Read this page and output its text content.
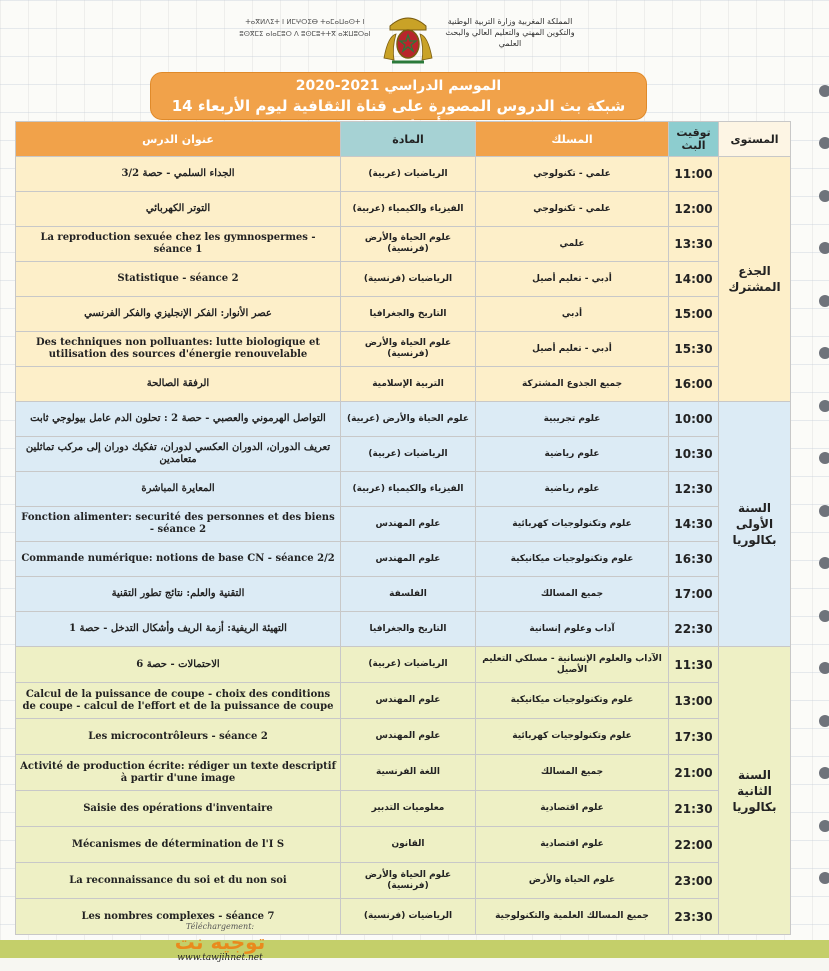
ⵜⴰⴳⵍⴷⵉⵜ ⵏ ⵍⵎⵖⵔⵉⴱ ⵜⴰⵎⴰⵡⴰⵙⵜ ⵏ ⵓⵙⴳⵎⵉ ⴰⵏⴰⵎⵓⵔ ⴷ ⵓⵙⵎⵓⵜⵜⴳ ⴰⵣⵡⵓⵔⴰⵏ
المملكة المغربية وزارة التربية الوطنية والتكوين المهني والتعليم العالي والبحث العلمي
الموسم الدراسي 2021-2020
شبكة بث الدروس المصورة على قناة الثقافية ليوم الأربعاء 14
المستوى	توقيت البث	المسلك	المادة	عنوان الدرس
الجذع المشترك	11:00	علمي - تكنولوجي	الرياضيات (عربية)	الجداء السلمي - حصة 3/2
	12:00	علمي - تكنولوجي	الفيزياء والكيمياء (عربية)	التوتر الكهربائي
	13:30	علمي	علوم الحياة والأرض (فرنسية)	La reproduction sexuée chez les gymnospermes - séance 1
	14:00	أدبي - تعليم أصيل	الرياضيات (فرنسية)	Statistique - séance 2
	15:00	أدبي	التاريخ والجغرافيا	عصر الأنوار: الفكر الإنجليزي والفكر الفرنسي
	15:30	أدبي - تعليم أصيل	علوم الحياة والأرض (فرنسية)	Des techniques non polluantes: lutte biologique et utilisation des sources d'énergie renouvelable
	16:00	جميع الجذوع المشتركة	التربية الإسلامية	الرفقة الصالحة
السنة الأولى بكالوريا	10:00	علوم تجريبية	علوم الحياة والأرض (عربية)	التواصل الهرموني والعصبي - حصة 2 : تحلون الدم عامل بيولوجي ثابت
	10:30	علوم رياضية	الرياضيات (عربية)	تعريف الدوران، الدوران العكسي لدوران، تفكيك دوران إلى مركب تماثلين متعامدين
	12:30	علوم رياضية	الفيزياء والكيمياء (عربية)	المعايرة المباشرة
	14:30	علوم وتكنولوجيات كهربائية	علوم المهندس	Fonction alimenter: securité des personnes et des biens - séance 2
	16:30	علوم وتكنولوجيات ميكانيكية	علوم المهندس	Commande numérique: notions de base CN - séance 2/2
	17:00	جميع المسالك	الفلسفة	التقنية والعلم: نتائج تطور التقنية
	22:30	آداب وعلوم إنسانية	التاريخ والجغرافيا	التهيئة الريفية: أزمة الريف وأشكال التدخل - حصة 1
السنة الثانية بكالوريا	11:30	الآداب والعلوم الإنسانية - مسلكي التعليم الأصيل	الرياضيات (عربية)	الاحتمالات - حصة 6
	13:00	علوم وتكنولوجيات ميكانيكية	علوم المهندس	Calcul de la puissance de coupe - choix des conditions de coupe - calcul de l'effort et de la puissance de coupe
	17:30	علوم وتكنولوجيات كهربائية	علوم المهندس	Les microcontrôleurs - séance 2
	21:00	جميع المسالك	اللغة الفرنسية	Activité de production écrite: rédiger un texte descriptif à partir d'une image
	21:30	علوم اقتصادية	معلوميات التدبير	Saisie des opérations d'inventaire
	22:00	علوم اقتصادية	القانون	Mécanismes de détermination de l'I S
	23:00	علوم الحياة والأرض	علوم الحياة والأرض (فرنسية)	La reconnaissance du soi et du non soi
	23:30	جميع المسالك العلمية والتكنولوجية	الرياضيات (فرنسية)	Les nombres complexes - séance 7
Téléchargement:
توجيه نت
www.tawjihnet.net
